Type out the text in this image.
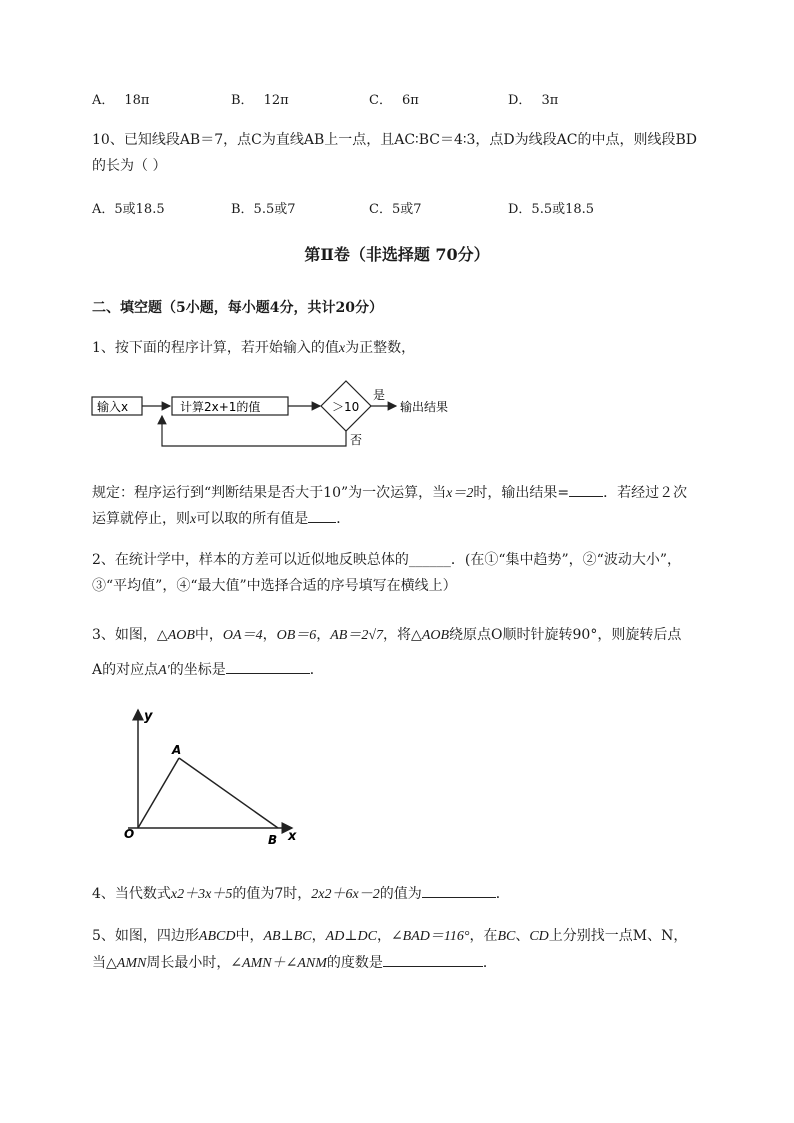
A． 18π	B． 12π	C． 6π	D． 3π
10、已知线段AB＝7，点C为直线AB上一点，且AC∶BC＝4∶3，点D为线段AC的中点，则线段BD
的长为（ ）
A．5或18.5	B．5.5或7	C．5或7	D．5.5或18.5
第Ⅱ卷（非选择题 70分）
二、填空题（5小题，每小题4分，共计20分）
1、按下面的程序计算，若开始输入的值x为正整数，
输入x	计算2x+1的值	＞10
是
输出结果
否
规定：程序运行到“判断结果是否大于10”为一次运算，当x＝2时，输出结果= ．若经过２次
运算就停止，则x可以取的所有值是 ．
2、在统计学中，样本的方差可以近似地反映总体的______．(在①“集中趋势”，②“波动大小”，
③“平均值”，④“最大值”中选择合适的序号填写在横线上）
3、如图，△AOB中，OA＝4，OB＝6，AB＝2√7，将△AOB绕原点O顺时针旋转90°，则旋转后点
A的对应点A′的坐标是	．
y
x
A
O	B
4、当代数式x2＋3x＋5的值为7时，2x2＋6x－2的值为	．
5、如图，四边形ABCD中，AB⊥BC，AD⊥DC，∠BAD＝116°，在BC、CD上分别找一点M、N，
当△AMN周长最小时，∠AMN＋∠ANM的度数是	．
